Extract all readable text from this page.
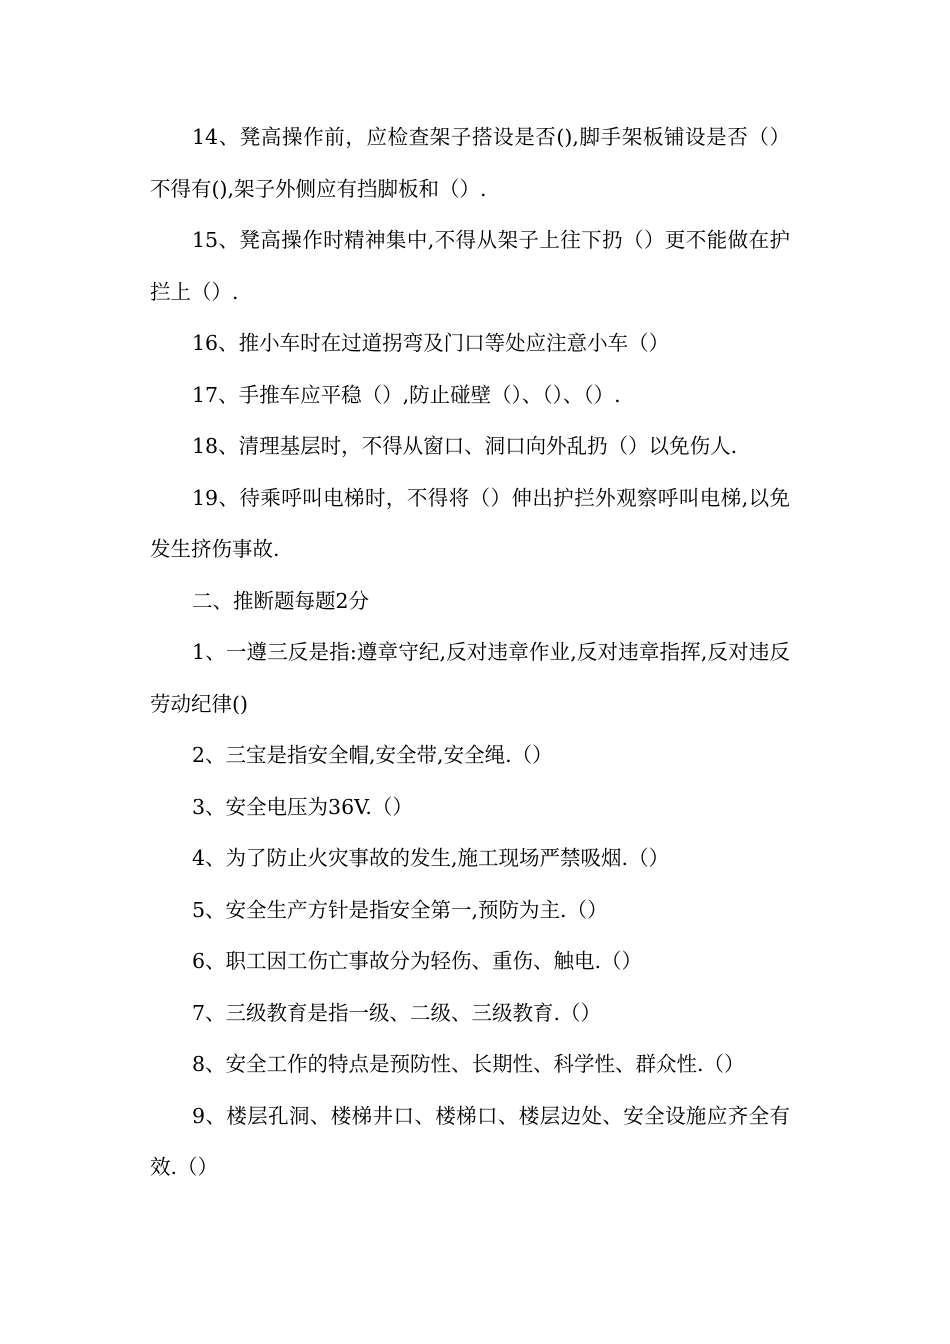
14、凳高操作前，应检查架子搭设是否(),脚手架板铺设是否（）不得有(),架子外侧应有挡脚板和（）.

15、凳高操作时精神集中,不得从架子上往下扔（）更不能做在护拦上（）.

16、推小车时在过道拐弯及门口等处应注意小车（）

17、手推车应平稳（）,防止碰壁（）、（）、（）.

18、清理基层时，不得从窗口、洞口向外乱扔（）以免伤人.

19、待乘呼叫电梯时，不得将（）伸出护拦外观察呼叫电梯,以免发生挤伤事故.

二、推断题每题2分

1、一遵三反是指:遵章守纪,反对违章作业,反对违章指挥,反对违反劳动纪律()

2、三宝是指安全帽,安全带,安全绳.（）

3、安全电压为36V.（）

4、为了防止火灾事故的发生,施工现场严禁吸烟.（）

5、安全生产方针是指安全第一,预防为主.（）

6、职工因工伤亡事故分为轻伤、重伤、触电.（）

7、三级教育是指一级、二级、三级教育.（）

8、安全工作的特点是预防性、长期性、科学性、群众性.（）

9、楼层孔洞、楼梯井口、楼梯口、楼层边处、安全设施应齐全有效.（）
